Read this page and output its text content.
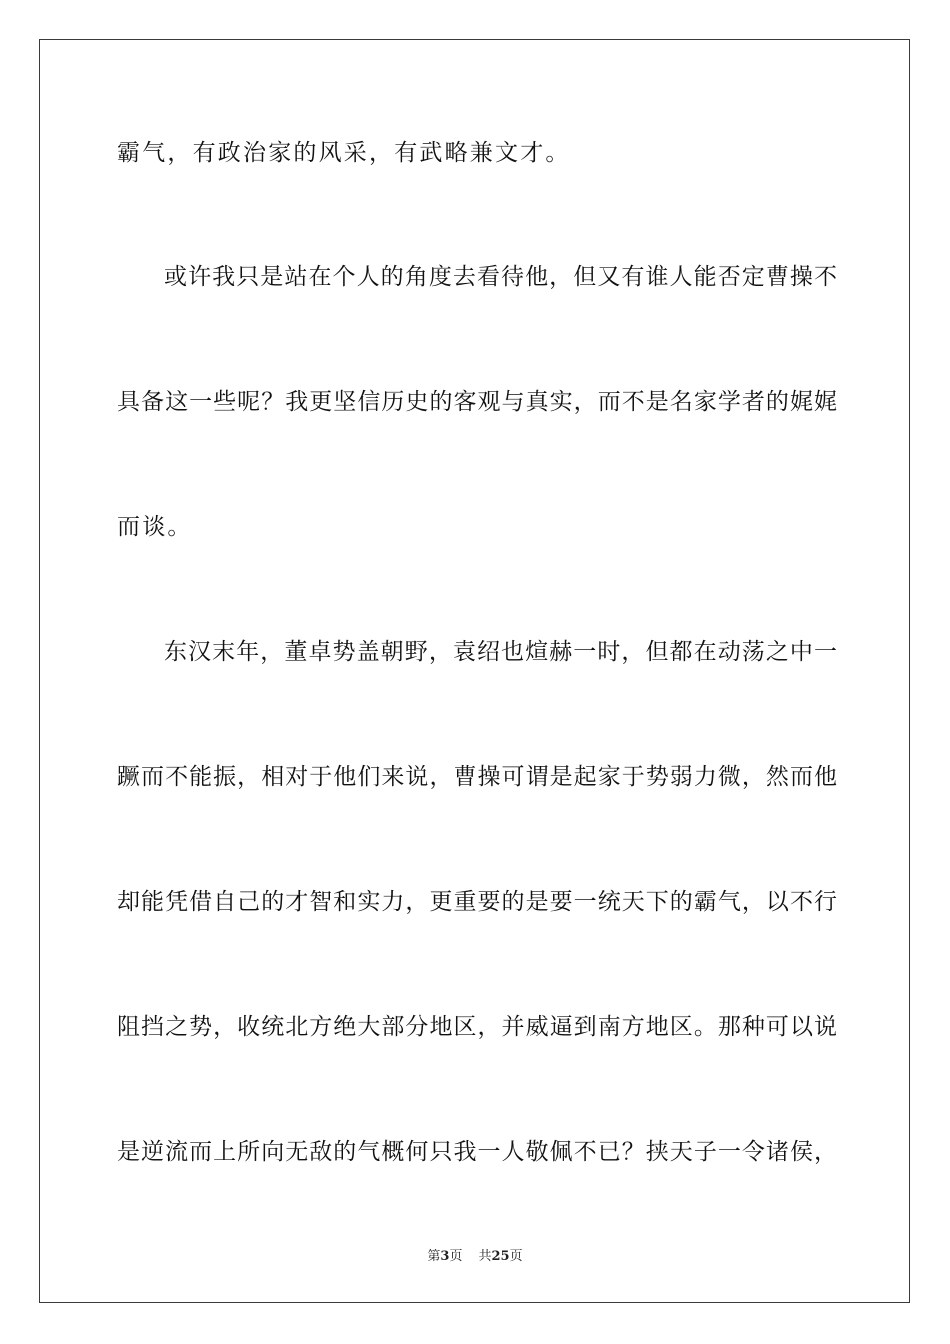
霸气，有政治家的风采，有武略兼文才。
或许我只是站在个人的角度去看待他，但又有谁人能否定曹操不
具备这一些呢？我更坚信历史的客观与真实，而不是名家学者的娓娓
而谈。
东汉末年，董卓势盖朝野，袁绍也煊赫一时，但都在动荡之中一
蹶而不能振，相对于他们来说，曹操可谓是起家于势弱力微，然而他
却能凭借自己的才智和实力，更重要的是要一统天下的霸气，以不行
阻挡之势，收统北方绝大部分地区，并威逼到南方地区。那种可以说
是逆流而上所向无敌的气概何只我一人敬佩不已？挟天子一令诸侯，
第3页 共25页
